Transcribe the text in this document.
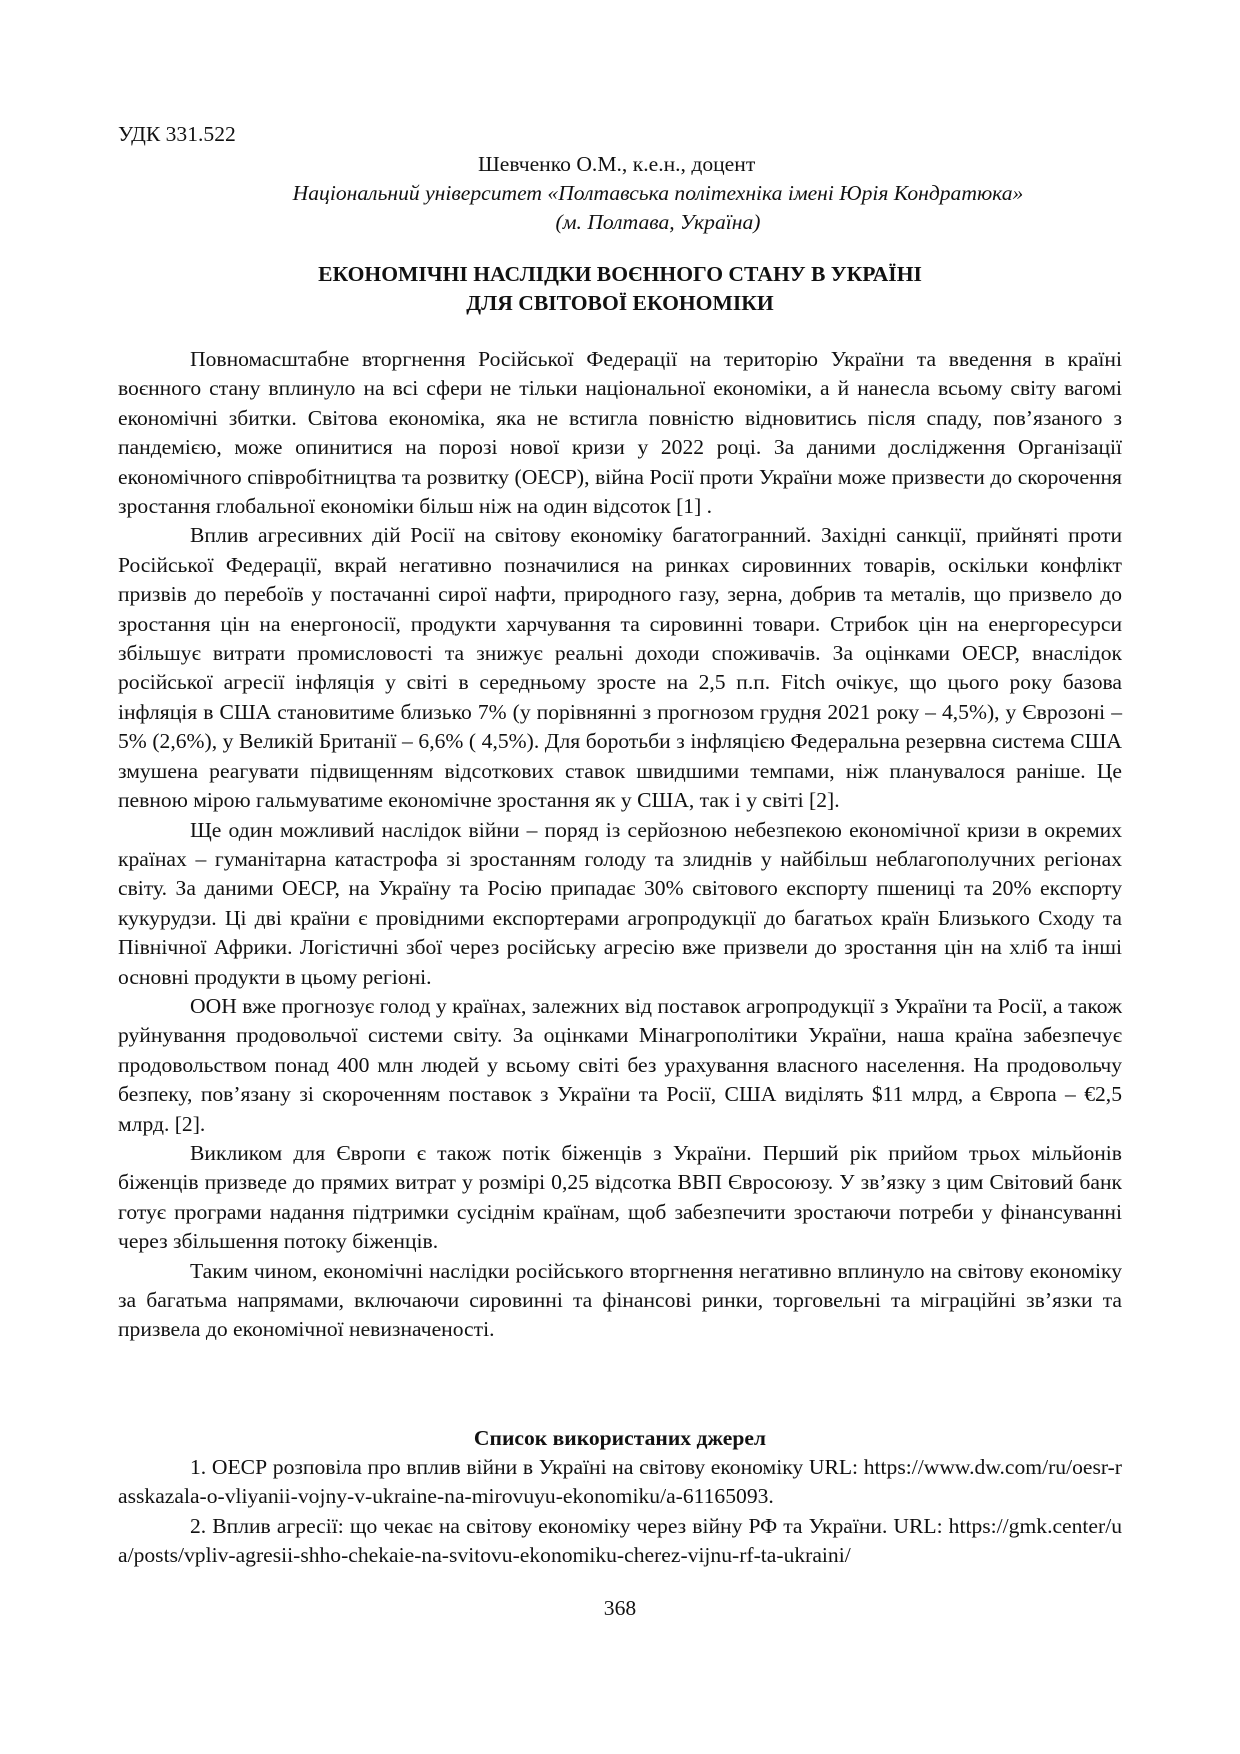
УДК 331.522

Шевченко О.М., к.е.н., доцент

Національний університет «Полтавська політехніка імені Юрія Кондратюка»

(м. Полтава, Україна)

ЕКОНОМІЧНІ НАСЛІДКИ ВОЄННОГО СТАНУ В УКРАЇНІ
ДЛЯ СВІТОВОЇ ЕКОНОМІКИ

Повномасштабне вторгнення Російської Федерації на територію України та введення в країні воєнного стану вплинуло на всі сфери не тільки національної економіки, а й нанесла всьому світу вагомі економічні збитки. Світова економіка, яка не встигла повністю відновитись після спаду, пов’язаного з пандемією, може опинитися на порозі нової кризи у 2022 році. За даними дослідження Організації економічного співробітництва та розвитку (ОЕСР), війна Росії проти України може призвести до скорочення зростання глобальної економіки більш ніж на один відсоток [1] .

Вплив агресивних дій Росії на світову економіку багатогранний. Західні санкції, прийняті проти Російської Федерації, вкрай негативно позначилися на ринках сировинних товарів, оскільки конфлікт призвів до перебоїв у постачанні сирої нафти, природного газу, зерна, добрив та металів, що призвело до зростання цін на енергоносії, продукти харчування та сировинні товари. Стрибок цін на енергоресурси збільшує витрати промисловості та знижує реальні доходи споживачів. За оцінками ОЕСР, внаслідок російської агресії інфляція у світі в середньому зросте на 2,5 п.п. Fitch очікує, що цього року базова інфляція в США становитиме близько 7% (у порівнянні з прогнозом грудня 2021 року – 4,5%), у Єврозоні – 5% (2,6%), у Великій Британії – 6,6% ( 4,5%). Для боротьби з інфляцією Федеральна резервна система США змушена реагувати підвищенням відсоткових ставок швидшими темпами, ніж планувалося раніше. Це певною мірою гальмуватиме економічне зростання як у США, так і у світі [2].

Ще один можливий наслідок війни – поряд із серйозною небезпекою економічної кризи в окремих країнах – гуманітарна катастрофа зі зростанням голоду та злиднів у найбільш неблагополучних регіонах світу. За даними ОЕСР, на Україну та Росію припадає 30% світового експорту пшениці та 20% експорту кукурудзи. Ці дві країни є провідними експортерами агропродукції до багатьох країн Близького Сходу та Північної Африки. Логістичні збої через російську агресію вже призвели до зростання цін на хліб та інші основні продукти в цьому регіоні.

ООН вже прогнозує голод у країнах, залежних від поставок агропродукції з України та Росії, а також руйнування продовольчої системи світу. За оцінками Мінагрополітики України, наша країна забезпечує продовольством понад 400 млн людей у всьому світі без урахування власного населення. На продовольчу безпеку, пов’язану зі скороченням поставок з України та Росії, США виділять $11 млрд, а Європа – €2,5 млрд. [2].

Викликом для Європи є також потік біженців з України. Перший рік прийом трьох мільйонів біженців призведе до прямих витрат у розмірі 0,25 відсотка ВВП Євросоюзу. У зв’язку з цим Світовий банк готує програми надання підтримки сусіднім країнам, щоб забезпечити зростаючи потреби у фінансуванні через збільшення потоку біженців.

Таким чином, економічні наслідки російського вторгнення негативно вплинуло на світову економіку за багатьма напрямами, включаючи сировинні та фінансові ринки, торговельні та міграційні зв’язки та призвела до економічної невизначеності.

Список використаних джерел

1. ОЕСР розповіла про вплив війни в Україні на світову економіку URL: https://www.dw.com/ru/oesr-rasskazala-o-vliyanii-vojny-v-ukraine-na-mirovuyu-ekonomiku/a-61165093.

2. Вплив агресії: що чекає на світову економіку через війну РФ та України. URL: https://gmk.center/ua/posts/vpliv-agresii-shho-chekaie-na-svitovu-ekonomiku-cherez-vijnu-rf-ta-ukraini/

368
